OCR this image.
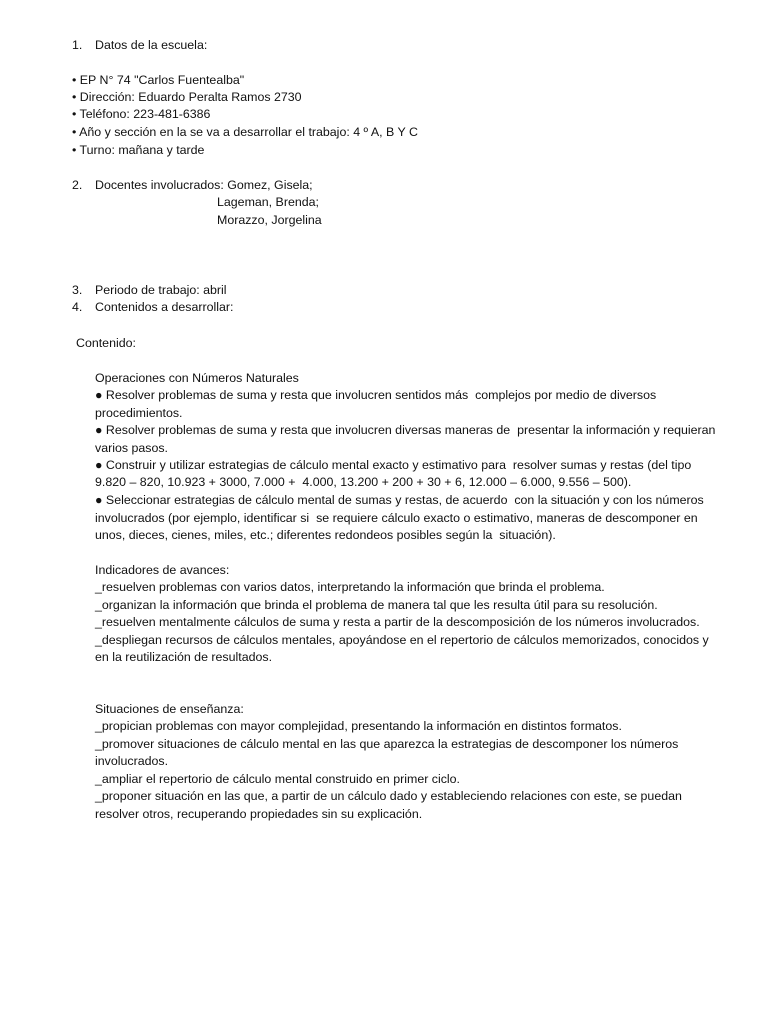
1. Datos de la escuela:
• EP N° 74 "Carlos Fuentealba"
• Dirección: Eduardo Peralta Ramos 2730
• Teléfono: 223-481-6386
• Año y sección en la se va a desarrollar el trabajo: 4 º A, B Y C
• Turno: mañana y tarde
2. Docentes involucrados: Gomez, Gisela;
Lageman, Brenda;
Morazzo, Jorgelina
3. Periodo de trabajo: abril
4. Contenidos a desarrollar:
Contenido:
Operaciones con Números Naturales
● Resolver problemas de suma y resta que involucren sentidos más  complejos por medio de diversos
procedimientos.
● Resolver problemas de suma y resta que involucren diversas maneras de  presentar la información y requieran
varios pasos.
● Construir y utilizar estrategias de cálculo mental exacto y estimativo para  resolver sumas y restas (del tipo
9.820 – 820, 10.923 + 3000, 7.000 +  4.000, 13.200 + 200 + 30 + 6, 12.000 – 6.000, 9.556 – 500).
● Seleccionar estrategias de cálculo mental de sumas y restas, de acuerdo  con la situación y con los números
involucrados (por ejemplo, identificar si  se requiere cálculo exacto o estimativo, maneras de descomponer en
unos, dieces, cienes, miles, etc.; diferentes redondeos posibles según la  situación).
Indicadores de avances:
_resuelven problemas con varios datos, interpretando la información que brinda el problema.
_organizan la información que brinda el problema de manera tal que les resulta útil para su resolución.
_resuelven mentalmente cálculos de suma y resta a partir de la descomposición de los números involucrados.
_despliegan recursos de cálculos mentales, apoyándose en el repertorio de cálculos memorizados, conocidos y
en la reutilización de resultados.
Situaciones de enseñanza:
_propician problemas con mayor complejidad, presentando la información en distintos formatos.
_promover situaciones de cálculo mental en las que aparezca la estrategias de descomponer los números
involucrados.
_ampliar el repertorio de cálculo mental construido en primer ciclo.
_proponer situación en las que, a partir de un cálculo dado y estableciendo relaciones con este, se puedan
resolver otros, recuperando propiedades sin su explicación.
